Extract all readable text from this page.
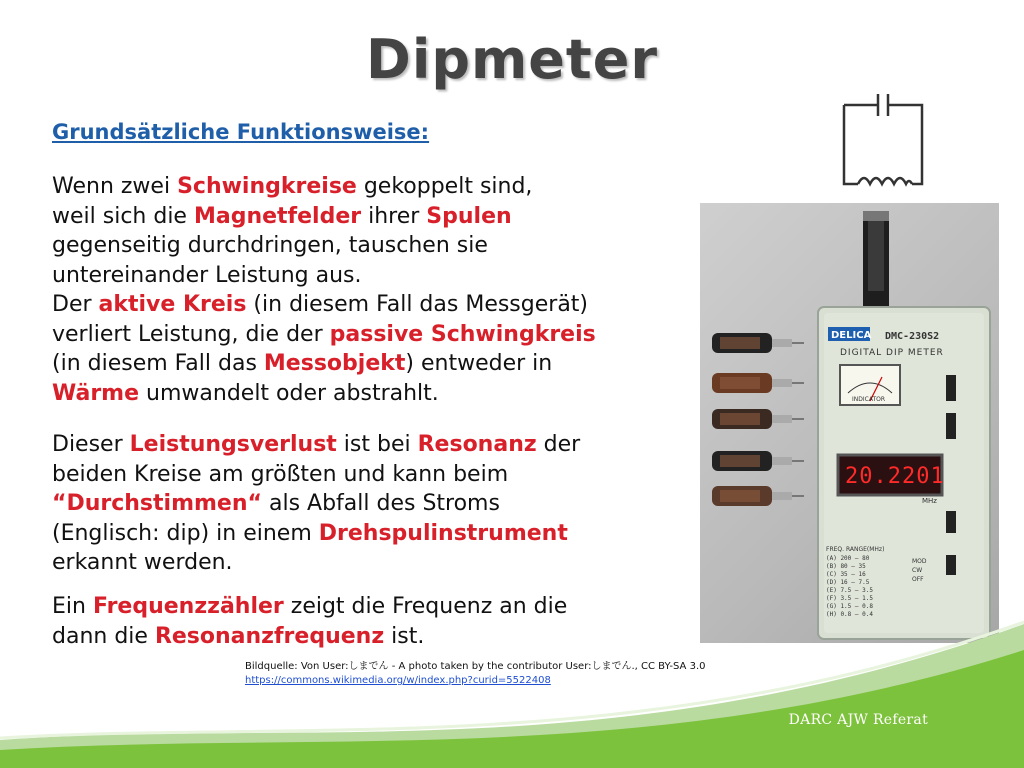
Dipmeter
Grundsätzliche Funktionsweise:

Wenn zwei Schwingkreise gekoppelt sind,
weil sich die Magnetfelder ihrer Spulen
gegenseitig durchdringen, tauschen sie
untereinander Leistung aus.
Der aktive Kreis (in diesem Fall das Messgerät)
verliert Leistung, die der passive Schwingkreis
(in diesem Fall das Messobjekt) entweder in
Wärme umwandelt oder abstrahlt.

Dieser Leistungsverlust ist bei Resonanz der
beiden Kreise am größten und kann beim
“Durchstimmen“ als Abfall des Stroms
(Englisch: dip) in einem Drehspulinstrument
erkannt werden.

Ein Frequenzzähler zeigt die Frequenz an die
dann die Resonanzfrequenz ist.

DELICA DMC-230S2
DIGITAL DIP METER
INDICATOR
20.2201
MHz
FREQ. RANGE(MHz)
(A) 200 — 80
(B) 80 — 35
(C) 35 — 16
(D) 16 — 7.5
(E) 7.5 — 3.5
(F) 3.5 — 1.5
(G) 1.5 — 0.8
(H) 0.8 — 0.4
MOD
CW
OFF
Bildquelle: Von User:しまでん - A photo taken by the contributor User:しまでん., CC BY-SA 3.0
https://commons.wikimedia.org/w/index.php?curid=5522408
DARC AJW Referat
